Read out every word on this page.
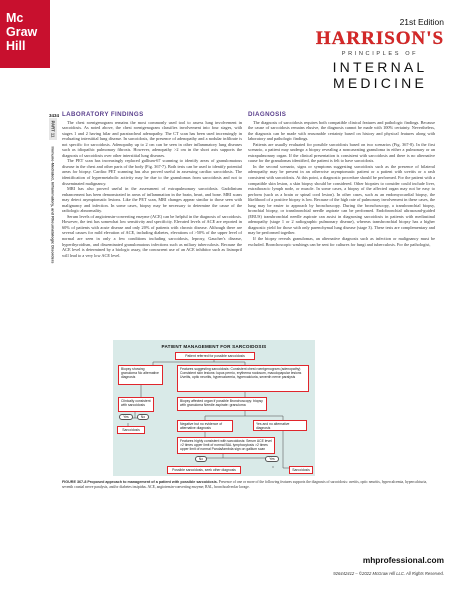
Mc
Graw
Hill
21st Edition
HARRISON'S
PRINCIPLES OF
INTERNAL
MEDICINE
3434
PART 11
Immune-Mediated, Inflammatory, and Rheumatologic Disorders
LABORATORY FINDINGS

The chest roentgenogram remains the most commonly used tool to assess lung involvement in sarcoidosis. As noted above, the chest roentgenogram classifies involvement into four stages, with stages 1 and 2 having hilar and paratracheal adenopathy. The CT scan has been used increasingly in evaluating interstitial lung disease. In sarcoidosis, the presence of adenopathy and a nodular infiltrate is not specific for sarcoidosis. Adenopathy up to 2 cm can be seen in other inflammatory lung diseases such as idiopathic pulmonary fibrosis. However, adenopathy >2 cm in the short axis supports the diagnosis of sarcoidosis over other interstitial lung diseases.

The PET scan has increasingly replaced gallium-67 scanning to identify areas of granulomatous disease in the chest and other parts of the body (Fig. 367-7). Both tests can be used to identify potential areas for biopsy. Cardiac PET scanning has also proved useful in assessing cardiac sarcoidosis. The identification of hypermetabolic activity may be due to the granulomas from sarcoidosis and not to disseminated malignancy.

MRI has also proved useful in the assessment of extrapulmonary sarcoidosis. Gadolinium enhancement has been demonstrated in areas of inflammation in the brain, heart, and bone. MRI scans may detect asymptomatic lesions. Like the PET scan, MRI changes appear similar to those seen with malignancy and infection. In some cases, biopsy may be necessary to determine the cause of the radiologic abnormality.

Serum levels of angiotensin-converting enzyme (ACE) can be helpful in the diagnosis of sarcoidosis. However, the test has somewhat low sensitivity and specificity. Elevated levels of ACE are reported in 60% of patients with acute disease and only 20% of patients with chronic disease. Although there are several causes for mild elevation of ACE, including diabetes, elevations of >50% of the upper level of normal are seen in only a few conditions including sarcoidosis, leprosy, Gaucher's disease, hyperthyroidism, and disseminated granulomatous infections such as miliary tuberculosis. Because the ACE level is determined by a biologic assay, the concurrent use of an ACE inhibitor such as lisinopril will lead to a very low ACE level.

DIAGNOSIS

The diagnosis of sarcoidosis requires both compatible clinical features and pathologic findings. Because the cause of sarcoidosis remains elusive, the diagnosis cannot be made with 100% certainty. Nevertheless, the diagnosis can be made with reasonable certainty based on history and physical features along with laboratory and pathologic findings.

Patients are usually evaluated for possible sarcoidosis based on two scenarios (Fig. 367-8). In the first scenario, a patient may undergo a biopsy revealing a noncaseating granuloma in either a pulmonary or an extrapulmonary organ. If the clinical presentation is consistent with sarcoidosis and there is no alternative cause for the granulomas identified, the patient is felt to have sarcoidosis.

In the second scenario, signs or symptoms suggesting sarcoidosis such as the presence of bilateral adenopathy may be present in an otherwise asymptomatic patient or a patient with uveitis or a rash consistent with sarcoidosis. At this point, a diagnostic procedure should be performed. For the patient with a compatible skin lesion, a skin biopsy should be considered. Other biopsies to consider could include liver, extrathoracic lymph node, or muscle. In some cases, a biopsy of the affected organ may not be easy to perform (such as a brain or spinal cord lesion). In other cases, such as an endomyocardial biopsy, the likelihood of a positive biopsy is low. Because of the high rate of pulmonary involvement in these cases, the lung may be easier to approach by bronchoscopy. During the bronchoscopy, a transbronchial biopsy, bronchial biopsy, or transbronchial needle aspirate can be performed. Endobronchial ultrasound-guided (EBUS) transbronchial needle aspirate can assist in diagnosing sarcoidosis in patients with mediastinal adenopathy (stage 1 or 2 radiographic pulmonary disease), whereas transbronchial biopsy has a higher diagnostic yield for those with only parenchymal lung disease (stage 3). These tests are complementary and may be performed together.

If the biopsy reveals granulomas, an alternative diagnosis such as infection or malignancy must be excluded. Bronchoscopic washings can be sent for cultures for fungi and tuberculosis. For the pathologist,

PATIENT MANAGEMENT FOR SARCOIDOSIS
Patient referred for possible sarcoidosis
Biopsy showing granuloma No alternative diagnosis
Features suggesting sarcoidosis: Consistent chest roentgenogram (adenopathy) Consistent skin lesions: lupus pernio, erythema nodosum, maculopapular lesions Uveitis, optic neuritis, hypercalcemia, hypercalciuria, seventh nerve paralysis
Clinically consistent with sarcoidosis
Biopsy affected organ if possible Bronchoscopy: biopsy with granuloma Needle aspirate: granuloma
Yes	No
Sarcoidosis
Negative but no evidence of alternative diagnosis
Yes and no alternative diagnosis
Features highly consistent with sarcoidosis: Serum ACE level >2 times upper limit of normal BAL lymphocytosis >2 times upper limit of normal Panda/lambda sign on gallium scan
No	Yes
Possible sarcoidosis, seek other diagnosis	Sarcoidosis
FIGURE 367-8 Proposed approach to management of a patient with possible sarcoidosis. Presence of one or more of the following features supports the diagnosis of sarcoidosis: uveitis, optic neuritis, hypercalcemia, hypercalciuria, seventh cranial nerve paralysis, and/or diabetes insipidus. ACE, angiotensin-converting enzyme; BAL, bronchoalveolar lavage.
mhprofessional.com
926442412 – ©2022 McGraw Hill LLC. All Rights Reserved.
